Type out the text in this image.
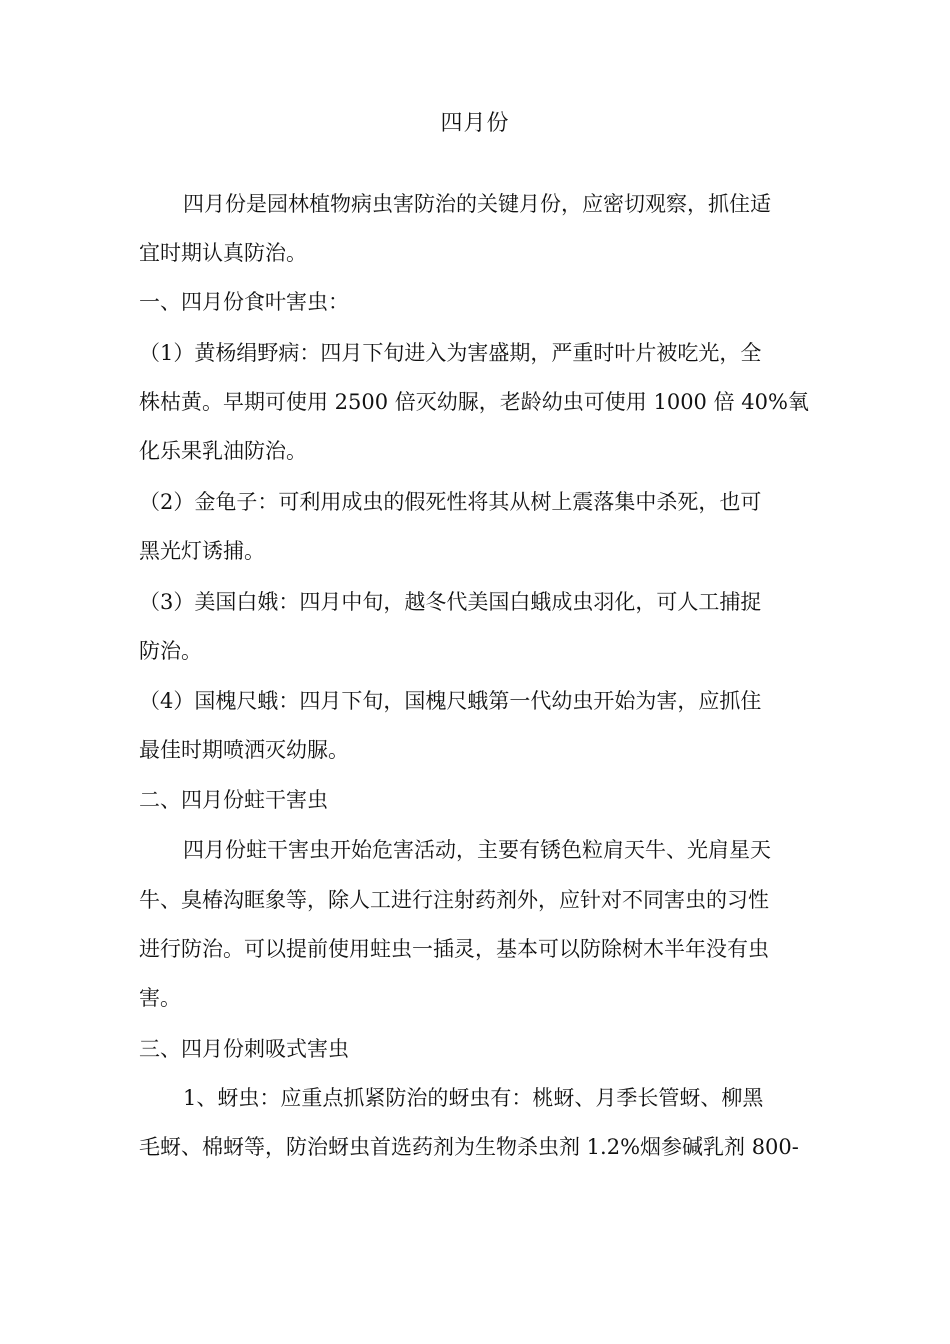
四月份
四月份是园林植物病虫害防治的关键月份，应密切观察，抓住适
宜时期认真防治。
一、四月份食叶害虫：
（1）黄杨绢野病：四月下旬进入为害盛期，严重时叶片被吃光，全
株枯黄。早期可使用 2500 倍灭幼脲，老龄幼虫可使用 1000 倍 40%氧
化乐果乳油防治。
（2）金龟子：可利用成虫的假死性将其从树上震落集中杀死，也可
黑光灯诱捕。
（3）美国白娥：四月中旬，越冬代美国白蛾成虫羽化，可人工捕捉
防治。
（4）国槐尺蛾：四月下旬，国槐尺蛾第一代幼虫开始为害，应抓住
最佳时期喷洒灭幼脲。
二、四月份蛀干害虫
四月份蛀干害虫开始危害活动，主要有锈色粒肩天牛、光肩星天
牛、臭椿沟眶象等，除人工进行注射药剂外，应针对不同害虫的习性
进行防治。可以提前使用蛀虫一插灵，基本可以防除树木半年没有虫
害。
三、四月份刺吸式害虫
1、蚜虫：应重点抓紧防治的蚜虫有：桃蚜、月季长管蚜、柳黑
毛蚜、棉蚜等，防治蚜虫首选药剂为生物杀虫剂 1.2%烟参碱乳剂 800-
